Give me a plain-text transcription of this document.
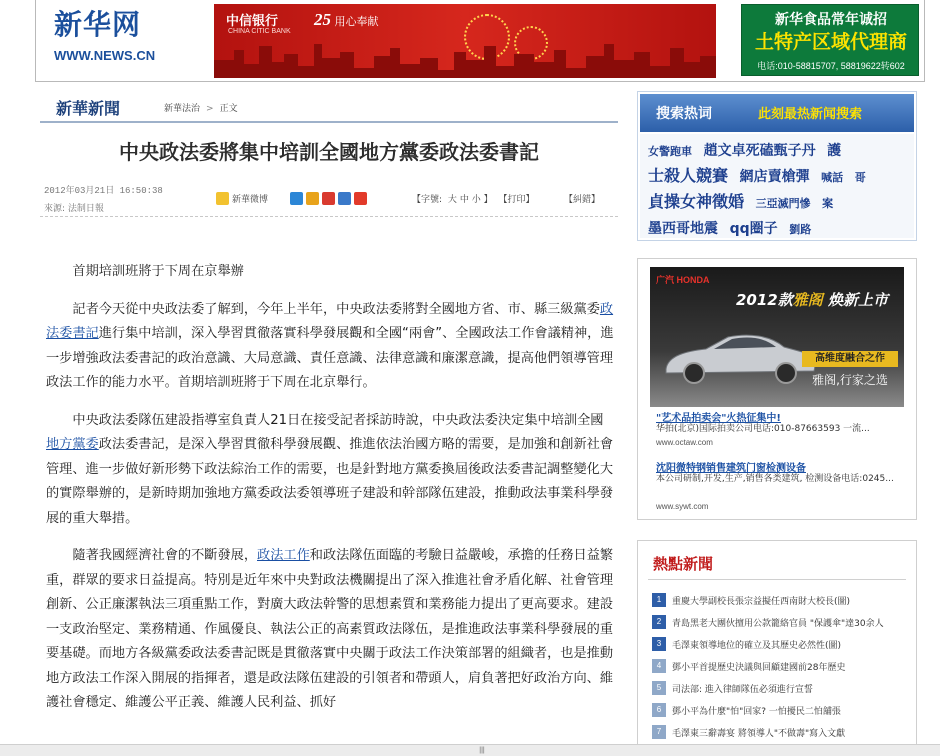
新华网
WWW.NEWS.CN
中信银行
CHINA CITIC BANK
25 用心奉献	新华食品常年诚招
土特产区域代理商
电话:010-58815707, 58819622转602
新華新聞	新華法治 > 正文
中央政法委將集中培訓全國地方黨委政法委書記
2012年03月21日 16:50:38
來源: 法制日報
新華微博	【字號: 大 中 小 】 【打印】	【糾錯】

首期培訓班將于下周在京舉辦

記者今天從中央政法委了解到，今年上半年，中央政法委將對全國地方省、市、縣三級黨委政法委書記進行集中培訓，深入學習貫徹落實科學發展觀和全國“兩會”、全國政法工作會議精神，進一步增強政法委書記的政治意識、大局意識、責任意識、法律意識和廉潔意識，提高他們領導管理政法工作的能力水平。首期培訓班將于下周在北京舉行。

中央政法委隊伍建設指導室負責人21日在接受記者採訪時說，中央政法委決定集中培訓全國地方黨委政法委書記，是深入學習貫徹科學發展觀、推進依法治國方略的需要，是加強和創新社會管理、進一步做好新形勢下政法綜治工作的需要，也是針對地方黨委換屆後政法委書記調整變化大的實際舉辦的，是新時期加強地方黨委政法委領導班子建設和幹部隊伍建設，推動政法事業科學發展的重大舉措。

隨著我國經濟社會的不斷發展，政法工作和政法隊伍面臨的考驗日益嚴峻，承擔的任務日益繁重，群眾的要求日益提高。特別是近年來中央對政法機關提出了深入推進社會矛盾化解、社會管理創新、公正廉潔執法三項重點工作，對廣大政法幹警的思想素質和業務能力提出了更高要求。建設一支政治堅定、業務精通、作風優良、執法公正的高素質政法隊伍，是推進政法事業科學發展的重要基礎。而地方各級黨委政法委書記既是貫徹落實中央關于政法工作決策部署的組織者，也是推動地方政法工作深入開展的指揮者，還是政法隊伍建設的引領者和帶頭人，肩負著把好政治方向、維護社會穩定、維護公平正義、維護人民利益、抓好

搜索热词	此刻最热新闻搜索
女警跑車 趙文卓死磕甄子丹 護 士殺人競賽 網店賣槍彈 喊話 哥 貞操女神徵婚 三亞滅門慘 案 墨西哥地震 qq圈子 劉路
广汽 HONDA
2012款雅阁 焕新上市
高维度融合之作
雅阁,行家之选
"艺术品拍卖会"火热征集中!
华拍(北京)国际拍卖公司电话:010-87663593 一流...
www.octaw.com
沈阳微特钢销售建筑门窗检测设备
本公司研制,开发,生产,销售各类建筑, 检测设备电话:0245...
www.sywt.com
熱點新聞
1	重慶大學副校長張宗益擬任西南財大校長(圖)
2	青島黑老大團伙擅用公款籠絡官員 "保護傘"達30余人
3	毛澤東領導地位的確立及其歷史必然性(圖)
4	鄧小平首提歷史決議與回顧建國前28年歷史
5	司法部: 進入律師隊伍必須進行宣誓
6	鄧小平為什麼"怕"回家? 一怕擾民二怕舖張
7	毛澤東三辭壽宴 將領導人"不做壽"寫入文獻
|||
